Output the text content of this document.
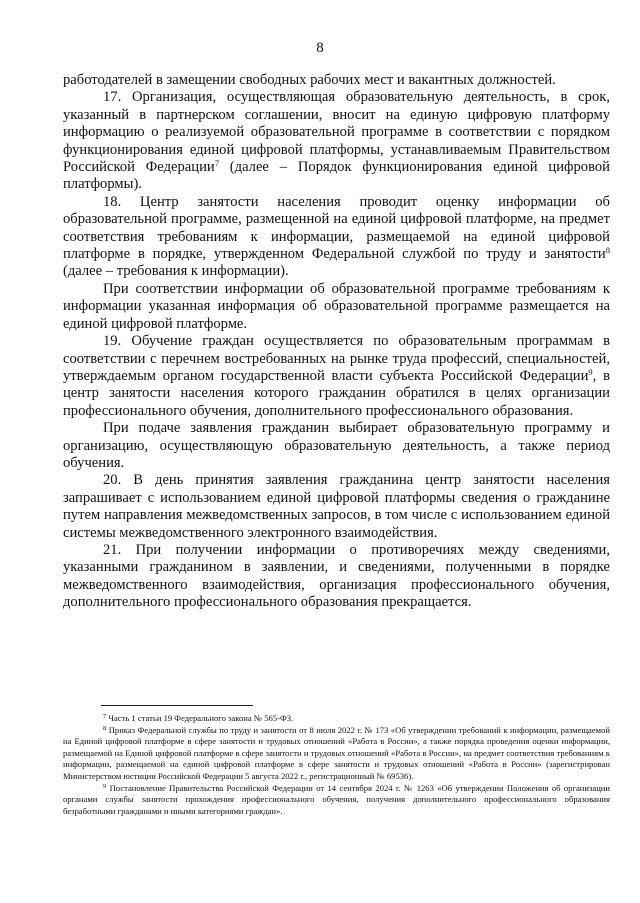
8

работодателей в замещении свободных рабочих мест и вакантных должностей.

17. Организация, осуществляющая образовательную деятельность, в срок, указанный в партнерском соглашении, вносит на единую цифровую платформу информацию о реализуемой образовательной программе в соответствии с порядком функционирования единой цифровой платформы, устанавливаемым Правительством Российской Федерации$^7$ (далее – Порядок функционирования единой цифровой платформы).

18. Центр занятости населения проводит оценку информации об образовательной программе, размещенной на единой цифровой платформе, на предмет соответствия требованиям к информации, размещаемой на единой цифровой платформе в порядке, утвержденном Федеральной службой по труду и занятости$^8$ (далее – требования к информации).

При соответствии информации об образовательной программе требованиям к информации указанная информация об образовательной программе размещается на единой цифровой платформе.

19. Обучение граждан осуществляется по образовательным программам в соответствии с перечнем востребованных на рынке труда профессий, специальностей, утверждаемым органом государственной власти субъекта Российской Федерации$^9$, в центр занятости населения которого гражданин обратился в целях организации профессионального обучения, дополнительного профессионального образования.

При подаче заявления гражданин выбирает образовательную программу и организацию, осуществляющую образовательную деятельность, а также период обучения.

20. В день принятия заявления гражданина центр занятости населения запрашивает с использованием единой цифровой платформы сведения о гражданине путем направления межведомственных запросов, в том числе с использованием единой системы межведомственного электронного взаимодействия.

21. При получении информации о противоречиях между сведениями, указанными гражданином в заявлении, и сведениями, полученными в порядке межведомственного взаимодействия, организация профессионального обучения, дополнительного профессионального образования прекращается.

$^7$ Часть 1 статьи 19 Федерального закона № 565-ФЗ.

$^8$ Приказ Федеральной службы по труду и занятости от 8 июля 2022 г. № 173 «Об утверждении требований к информации, размещаемой на Единой цифровой платформе в сфере занятости и трудовых отношений «Работа в России», а также порядка проведения оценки информации, размещаемой на Единой цифровой платформе в сфере занятости и трудовых отношений «Работа в России», на предмет соответствия требованиям к информации, размещаемой на единой цифровой платформе в сфере занятости и трудовых отношений «Работа в России» (зарегистрирован Министерством юстиции Российской Федерации 5 августа 2022 г., регистрационный № 69536).

$^9$ Постановление Правительства Российской Федерации от 14 сентября 2024 г. № 1263 «Об утверждении Положения об организации органами службы занятости прохождения профессионального обучения, получения дополнительного профессионального образования безработными гражданами и иными категориями граждан».
